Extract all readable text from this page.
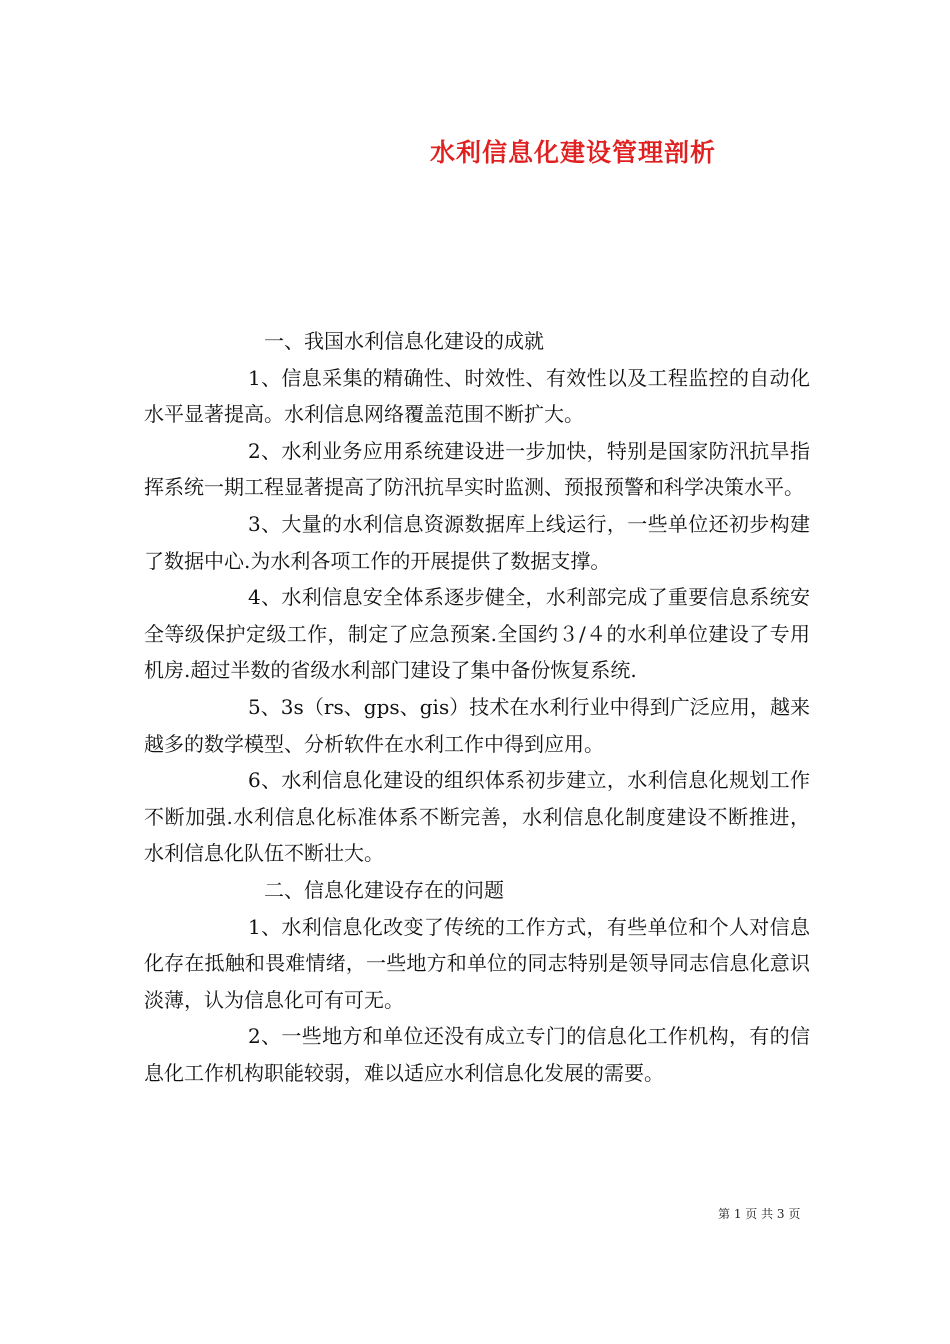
水利信息化建设管理剖析

一、我国水利信息化建设的成就

1、信息采集的精确性、时效性、有效性以及工程监控的自动化水平显著提高。水利信息网络覆盖范围不断扩大。

2、水利业务应用系统建设进一步加快，特别是国家防汛抗旱指挥系统一期工程显著提高了防汛抗旱实时监测、预报预警和科学决策水平。

3、大量的水利信息资源数据库上线运行，一些单位还初步构建了数据中心.为水利各项工作的开展提供了数据支撑。

4、水利信息安全体系逐步健全，水利部完成了重要信息系统安全等级保护定级工作，制定了应急预案.全国约３/４的水利单位建设了专用机房.超过半数的省级水利部门建设了集中备份恢复系统.

5、3s（rs、gps、gis）技术在水利行业中得到广泛应用，越来越多的数学模型、分析软件在水利工作中得到应用。

6、水利信息化建设的组织体系初步建立，水利信息化规划工作不断加强.水利信息化标准体系不断完善，水利信息化制度建设不断推进，水利信息化队伍不断壮大。

二、信息化建设存在的问题

1、水利信息化改变了传统的工作方式，有些单位和个人对信息化存在抵触和畏难情绪，一些地方和单位的同志特别是领导同志信息化意识淡薄，认为信息化可有可无。

2、一些地方和单位还没有成立专门的信息化工作机构，有的信息化工作机构职能较弱，难以适应水利信息化发展的需要。

第 1 页 共 3 页
